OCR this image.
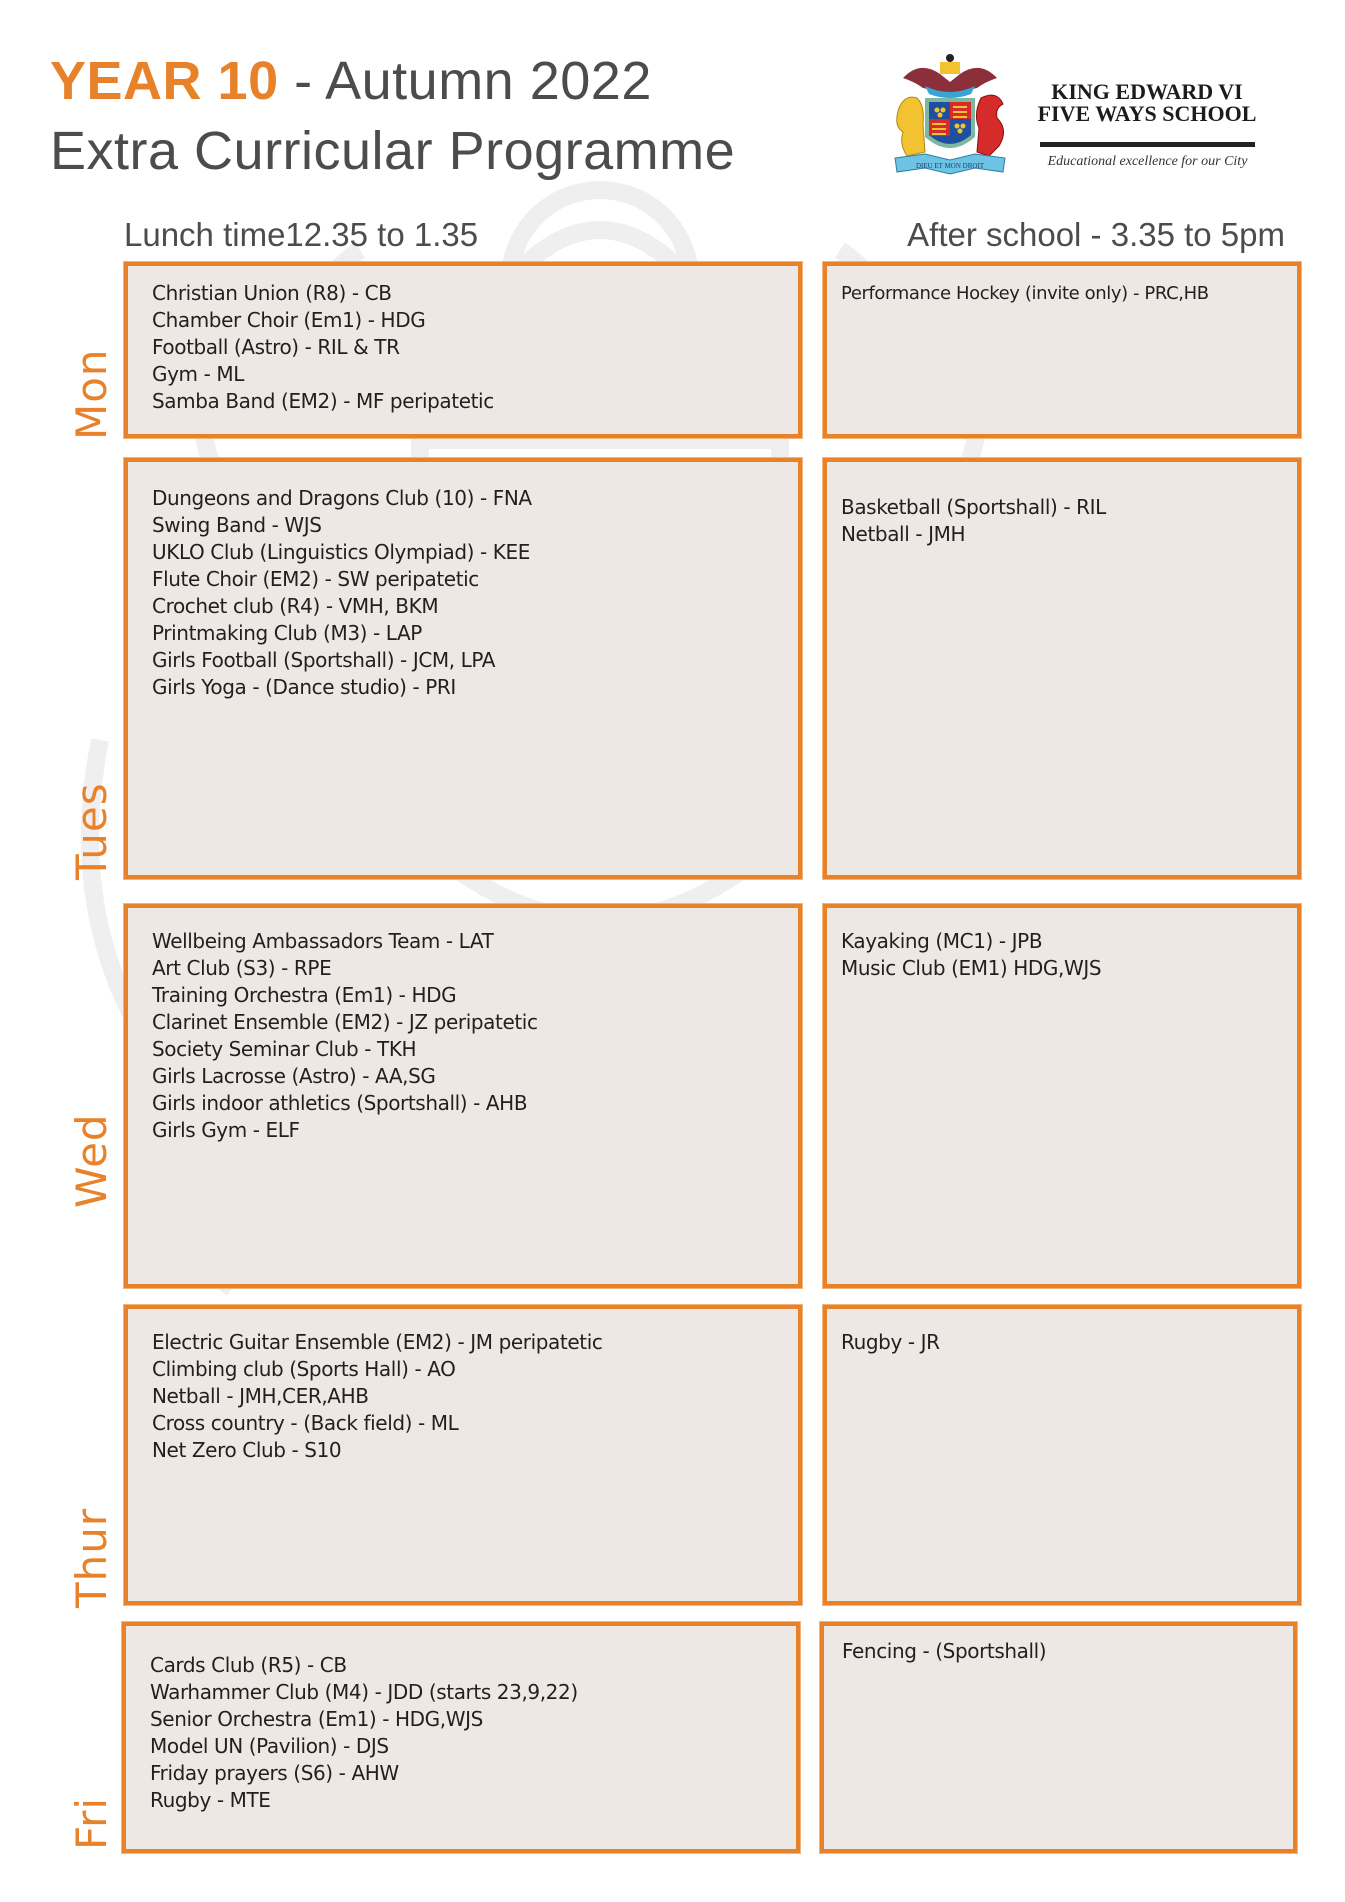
YEAR 10 - Autumn 2022
Extra Curricular Programme	DIEU ET MON DROIT
KING EDWARD VI
FIVE WAYS SCHOOL
Educational excellence for our City
Lunch time12.35 to 1.35	After school - 3.35 to 5pm
Mon
Christian Union (R8) - CB
Chamber Choir (Em1) - HDG
Football (Astro) - RIL & TR
Gym - ML
Samba Band (EM2) - MF peripatetic
Performance Hockey (invite only) - PRC,HB
Tues
Dungeons and Dragons Club (10) - FNA
Swing Band - WJS
UKLO Club (Linguistics Olympiad) - KEE
Flute Choir (EM2) - SW peripatetic
Crochet club (R4) - VMH, BKM
Printmaking Club (M3) - LAP
Girls Football (Sportshall) - JCM, LPA
Girls Yoga - (Dance studio) - PRI
Basketball (Sportshall) - RIL
Netball - JMH
Wed
Wellbeing Ambassadors Team - LAT
Art Club (S3) - RPE
Training Orchestra (Em1) - HDG
Clarinet Ensemble (EM2) - JZ peripatetic
Society Seminar Club - TKH
Girls Lacrosse (Astro) - AA,SG
Girls indoor athletics (Sportshall) - AHB
Girls Gym - ELF
Kayaking (MC1) - JPB
Music Club (EM1) HDG,WJS
Thur
Electric Guitar Ensemble (EM2) - JM peripatetic
Climbing club (Sports Hall) - AO
Netball - JMH,CER,AHB
Cross country - (Back field) - ML
Net Zero Club - S10
Rugby - JR
Fri
Cards Club (R5) - CB
Warhammer Club (M4) - JDD (starts 23,9,22)
Senior Orchestra (Em1) - HDG,WJS
Model UN (Pavilion) - DJS
Friday prayers (S6) - AHW
Rugby - MTE
Fencing - (Sportshall)
